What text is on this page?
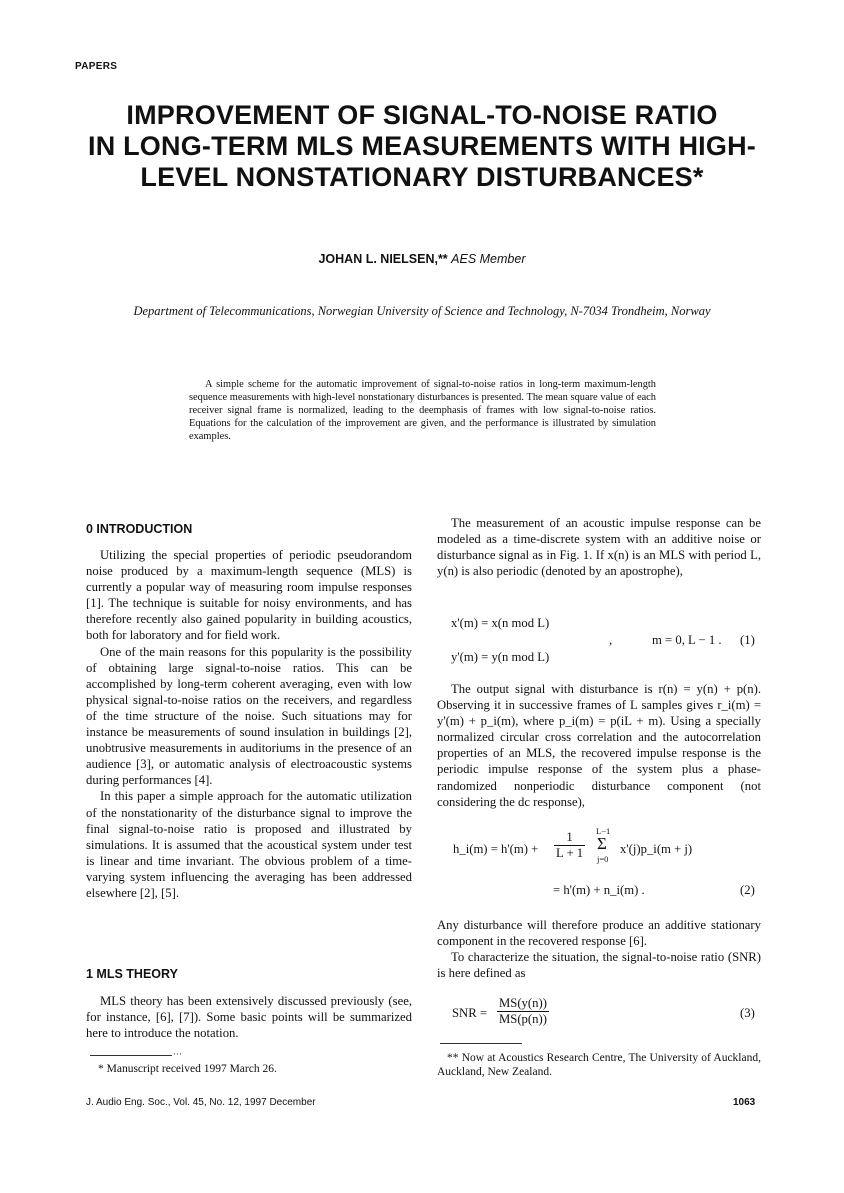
PAPERS
IMPROVEMENT OF SIGNAL-TO-NOISE RATIO
IN LONG-TERM MLS MEASUREMENTS WITH HIGH-
LEVEL NONSTATIONARY DISTURBANCES*
JOHAN L. NIELSEN,** AES Member
Department of Telecommunications, Norwegian University of Science and Technology, N-7034 Trondheim, Norway
A simple scheme for the automatic improvement of signal-to-noise ratios in long-term maximum-length sequence measurements with high-level nonstationary disturbances is presented. The mean square value of each receiver signal frame is normalized, leading to the deemphasis of frames with low signal-to-noise ratios. Equations for the calculation of the improvement are given, and the performance is illustrated by simulation examples.
0 INTRODUCTION

Utilizing the special properties of periodic pseudorandom noise produced by a maximum-length sequence (MLS) is currently a popular way of measuring room impulse responses [1]. The technique is suitable for noisy environments, and has therefore recently also gained popularity in building acoustics, both for laboratory and for field work.

One of the main reasons for this popularity is the possibility of obtaining large signal-to-noise ratios. This can be accomplished by long-term coherent averaging, even with low physical signal-to-noise ratios on the receivers, and regardless of the time structure of the noise. Such situations may for instance be measurements of sound insulation in buildings [2], unobtrusive measurements in auditoriums in the presence of an audience [3], or automatic analysis of electroacoustic systems during performances [4].

In this paper a simple approach for the automatic utilization of the nonstationarity of the disturbance signal to improve the final signal-to-noise ratio is proposed and illustrated by simulations. It is assumed that the acoustical system under test is linear and time invariant. The obvious problem of a time-varying system influencing the averaging has been addressed elsewhere [2], [5].

1 MLS THEORY

MLS theory has been extensively discussed previously (see, for instance, [6], [7]). Some basic points will be summarized here to introduce the notation.

The measurement of an acoustic impulse response can be modeled as a time-discrete system with an additive noise or disturbance signal as in Fig. 1. If x(n) is an MLS with period L, y(n) is also periodic (denoted by an apostrophe),

x'(m) = x(n mod L)
y'(m) = y(n mod L)
,	m = 0, L − 1 . (1)

The output signal with disturbance is r(n) = y(n) + p(n). Observing it in successive frames of L samples gives r_i(m) = y'(m) + p_i(m), where p_i(m) = p(iL + m). Using a specially normalized circular cross correlation and the autocorrelation properties of an MLS, the recovered impulse response is the periodic impulse response of the system plus a phase-randomized nonperiodic disturbance component (not considering the dc response),

h_i(m) = $h'(m) + \frac{1}{L + 1} L-1$
Σ
j=0
x'(j)p_i(m + j)
= h'(m) + n_i(m) .	(2)

Any disturbance will therefore produce an additive stationary component in the recovered response [6].

To characterize the situation, the signal-to-noise ratio (SNR) is here defined as

SNR = $\frac{MS(y(n))}{MS(p(n))}$	(3)
···
* Manuscript received 1997 March 26.
** Now at Acoustics Research Centre, The University of Auckland, Auckland, New Zealand.
J. Audio Eng. Soc., Vol. 45, No. 12, 1997 December	1063
